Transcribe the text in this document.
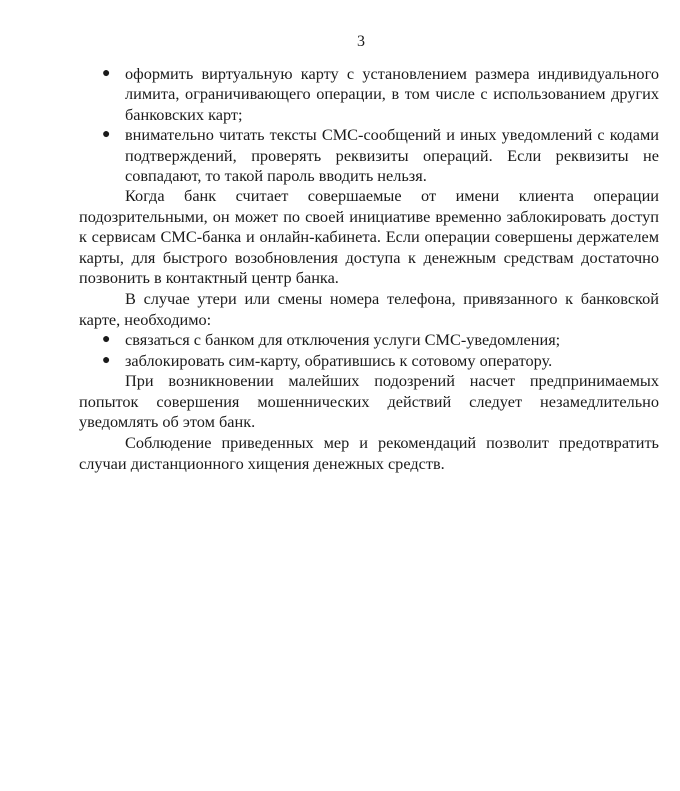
3
● оформить виртуальную карту с установлением размера индивидуального лимита, ограничивающего операции, в том числе с использованием других банковских карт;
● внимательно читать тексты СМС-сообщений и иных уведомлений с кодами подтверждений, проверять реквизиты операций. Если реквизиты не совпадают, то такой пароль вводить нельзя.

Когда банк считает совершаемые от имени клиента операции подозрительными, он может по своей инициативе временно заблокировать доступ к сервисам СМС-банка и онлайн-кабинета. Если операции совершены держателем карты, для быстрого возобновления доступа к денежным средствам достаточно позвонить в контактный центр банка.

В случае утери или смены номера телефона, привязанного к банковской карте, необходимо:

● связаться с банком для отключения услуги СМС-уведомления;
● заблокировать сим-карту, обратившись к сотовому оператору.

При возникновении малейших подозрений насчет предпринимаемых попыток совершения мошеннических действий следует незамедлительно уведомлять об этом банк.

Соблюдение приведенных мер и рекомендаций позволит предотвратить случаи дистанционного хищения денежных средств.
